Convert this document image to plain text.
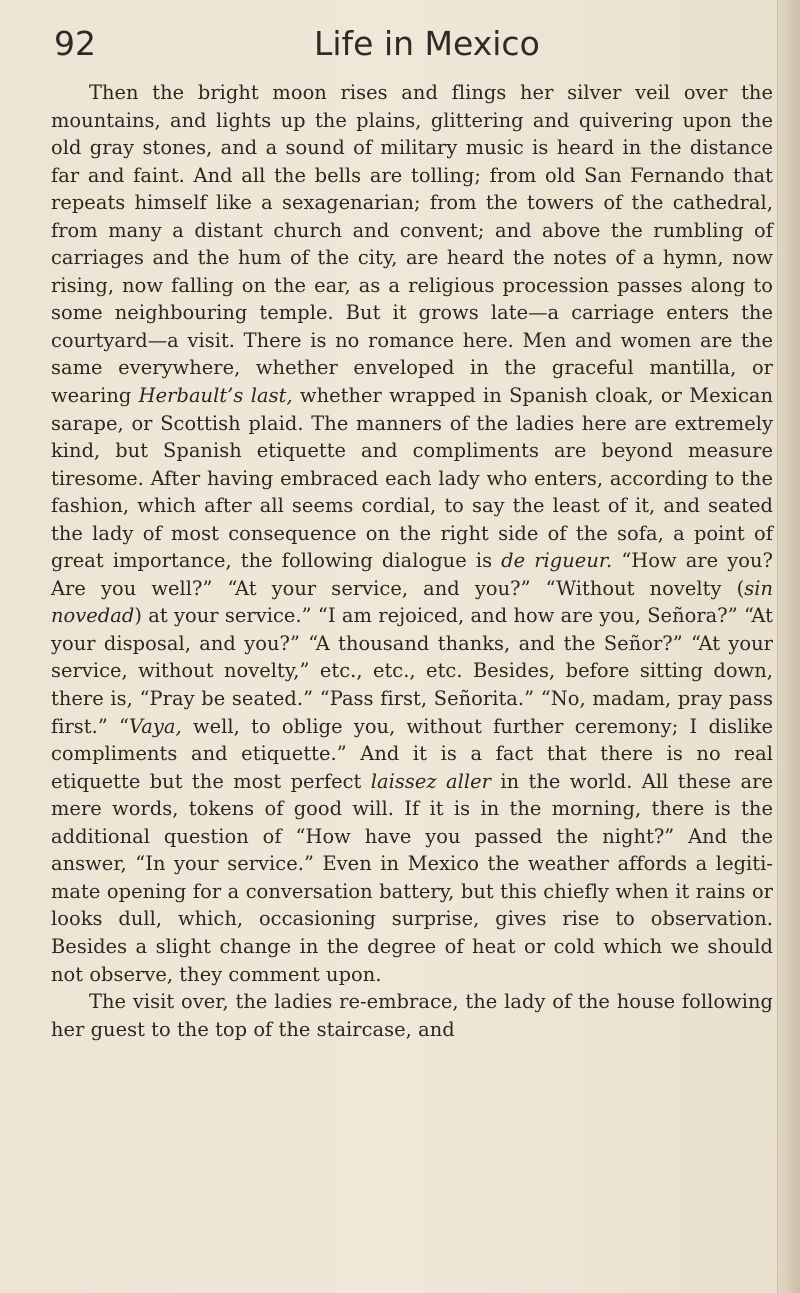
92	Life in Mexico

Then the bright moon rises and flings her silver veil over the mountains, and lights up the plains, glittering and quivering upon the old gray stones, and a sound of military music is heard in the distance far and faint. And all the bells are tolling; from old San Fernando that repeats himself like a sexagenarian; from the towers of the cathedral, from many a distant church and convent; and above the rumbling of carriages and the hum of the city, are heard the notes of a hymn, now rising, now falling on the ear, as a religious procession passes along to some neighbouring temple. But it grows late—a carriage enters the courtyard—a visit. There is no romance here. Men and women are the same everywhere, whether enveloped in the graceful mantilla, or wearing Herbault’s last, whether wrapped in Spanish cloak, or Mexican sarape, or Scottish plaid. The manners of the ladies here are extremely kind, but Spanish etiquette and compliments are beyond measure tiresome. After having embraced each lady who enters, according to the fashion, which after all seems cordial, to say the least of it, and seated the lady of most consequence on the right side of the sofa, a point of great importance, the following dialogue is de rigueur. “How are you? Are you well?” “At your service, and you?” “Without novelty (sin novedad) at your service.” “I am rejoiced, and how are you, Señora?” “At your disposal, and you?” “A thousand thanks, and the Señor?” “At your service, without novelty,” etc., etc., etc. Besides, before sitting down, there is, “Pray be seated.” “Pass first, Señorita.” “No, madam, pray pass first.” “Vaya, well, to oblige you, without further ceremony; I dislike compliments and etiquette.” And it is a fact that there is no real etiquette but the most perfect laissez aller in the world. All these are mere words, tokens of good will. If it is in the morning, there is the additional question of “How have you passed the night?” And the answer, “In your service.” Even in Mexico the weather affords a legiti- mate opening for a conversation battery, but this chiefly when it rains or looks dull, which, occasioning surprise, gives rise to observation. Besides a slight change in the degree of heat or cold which we should not observe, they comment upon.

The visit over, the ladies re-embrace, the lady of the house following her guest to the top of the staircase, and
